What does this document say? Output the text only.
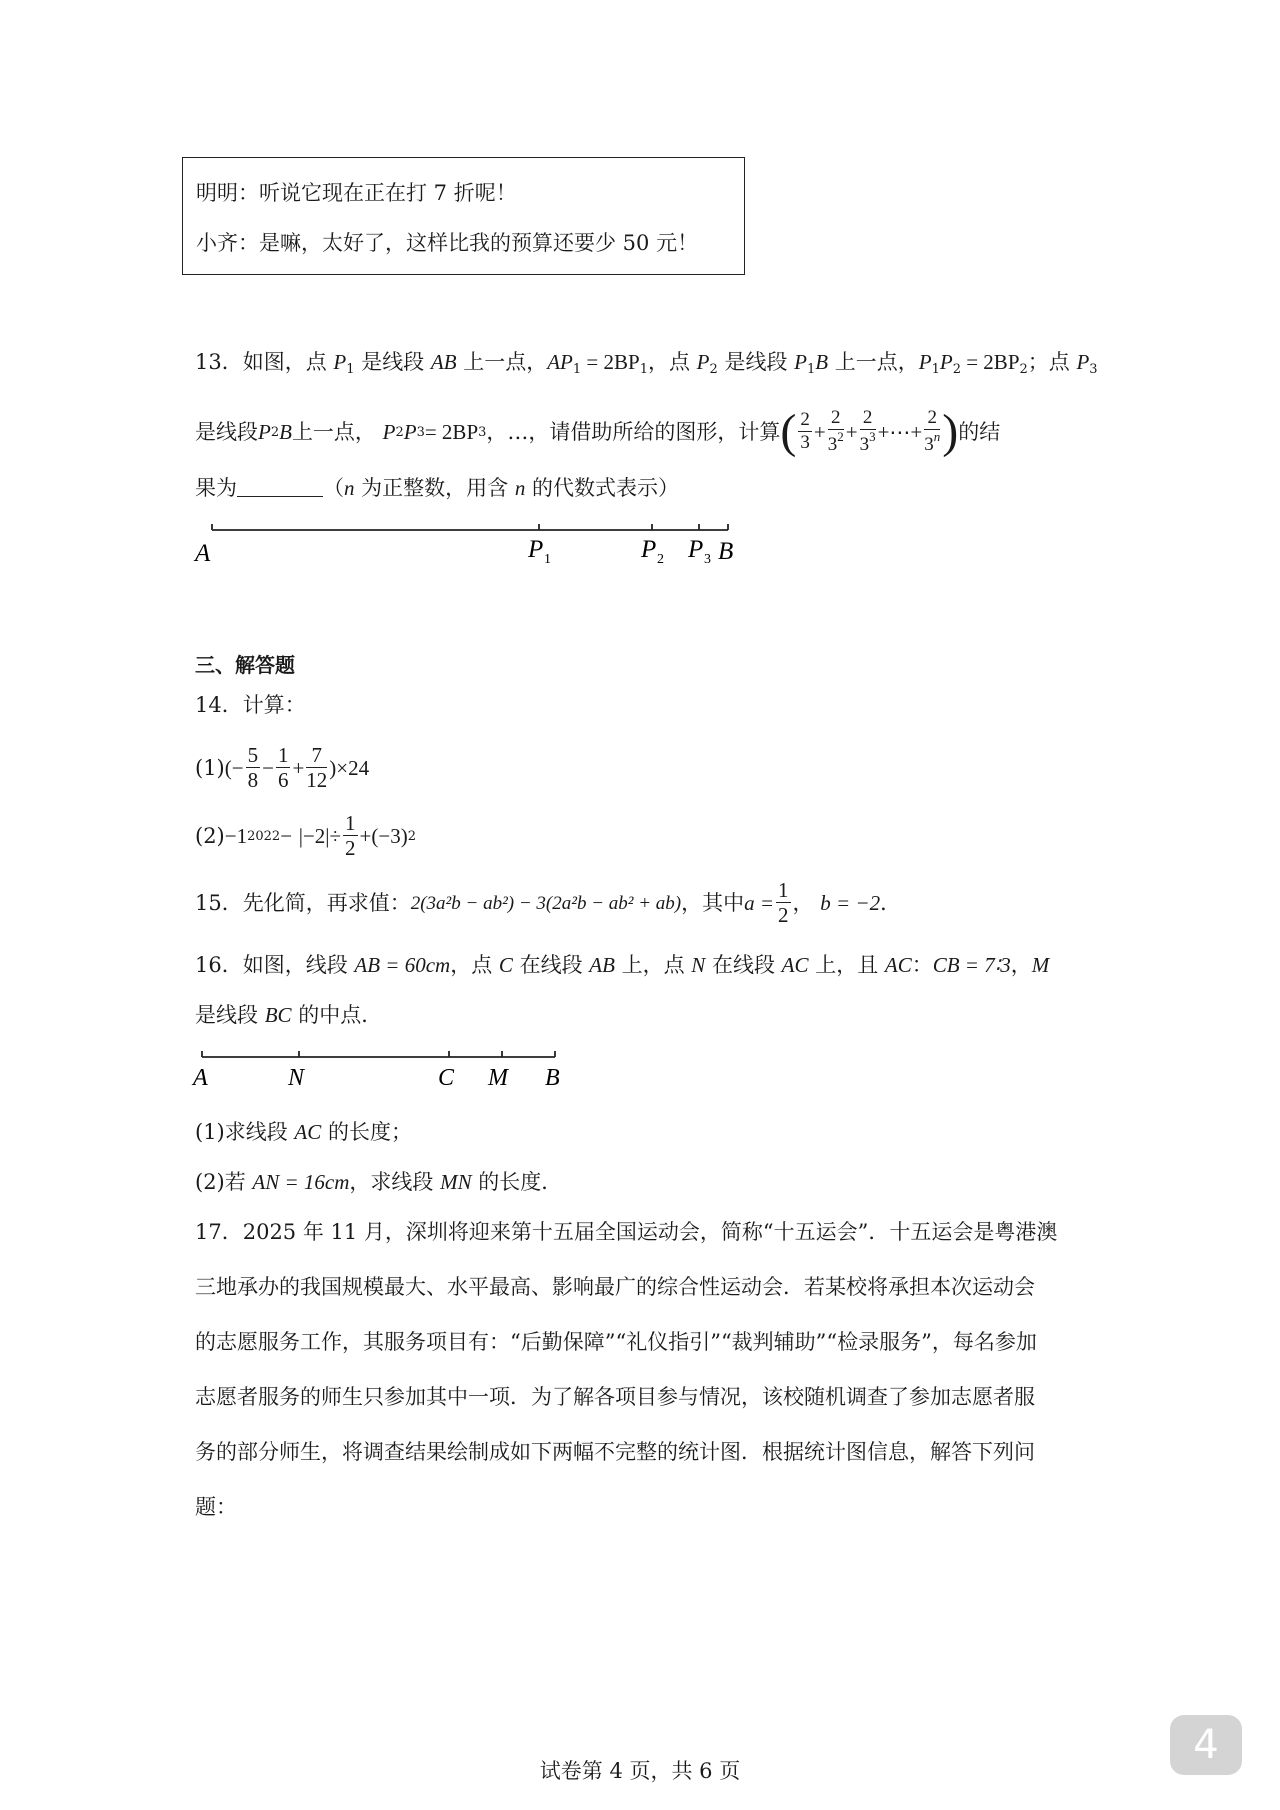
明明：听说它现在正在打 7 折呢！
小齐：是嘛，太好了，这样比我的预算还要少 50 元！
13．如图，点 $P_1$ 是线段 AB 上一点，$AP_1 = 2BP_1$，点 $P_2$ 是线段 $P_1B$ 上一点，$P_1P_2 = 2BP_2$；点 $P_3$
是线段 P 2 B 上一点，
P 2 P 3 = 2BP 3 ，…，请借助所给的图形，计算 ( $\frac{2}{3} + \frac{2}{3^2} + \frac{2}{3^3}$ +⋯+ $\frac{2}{3^n}$ ) 的结
果为	（n 为正整数，用含 n 的代数式表示）
A	P 1	P 2 P 3 B
三、解答题
14．计算：
(1) (− $\frac{5}{8} - \frac{1}{6} + \frac{7}{12} )\times 24$
(2) −1 2022 −
$|-2| \div \frac{1}{2} +(-3)$ 2
15．先化简，再求值： 2(3a²b − ab²) − 3(2a²b − ab² + ab) ，其中 $a = \frac{1}{2}$ ，
b = −2 ．
16．如图，线段 AB = 60cm，点 C 在线段 AB 上，点 N 在线段 AC 上，且 AC：CB = 7∶3，M
是线段 BC 的中点．
A	N	C M B
(1)求线段 AC 的长度；
(2)若 AN = 16cm，求线段 MN 的长度．
17．2025 年 11 月，深圳将迎来第十五届全国运动会，简称“十五运会”．十五运会是粤港澳
三地承办的我国规模最大、水平最高、影响最广的综合性运动会．若某校将承担本次运动会
的志愿服务工作，其服务项目有：“后勤保障”“礼仪指引”“裁判辅助”“检录服务”，每名参加
志愿者服务的师生只参加其中一项．为了解各项目参与情况，该校随机调查了参加志愿者服
务的部分师生，将调查结果绘制成如下两幅不完整的统计图．根据统计图信息，解答下列问
题：
试卷第 4 页，共 6 页
4
